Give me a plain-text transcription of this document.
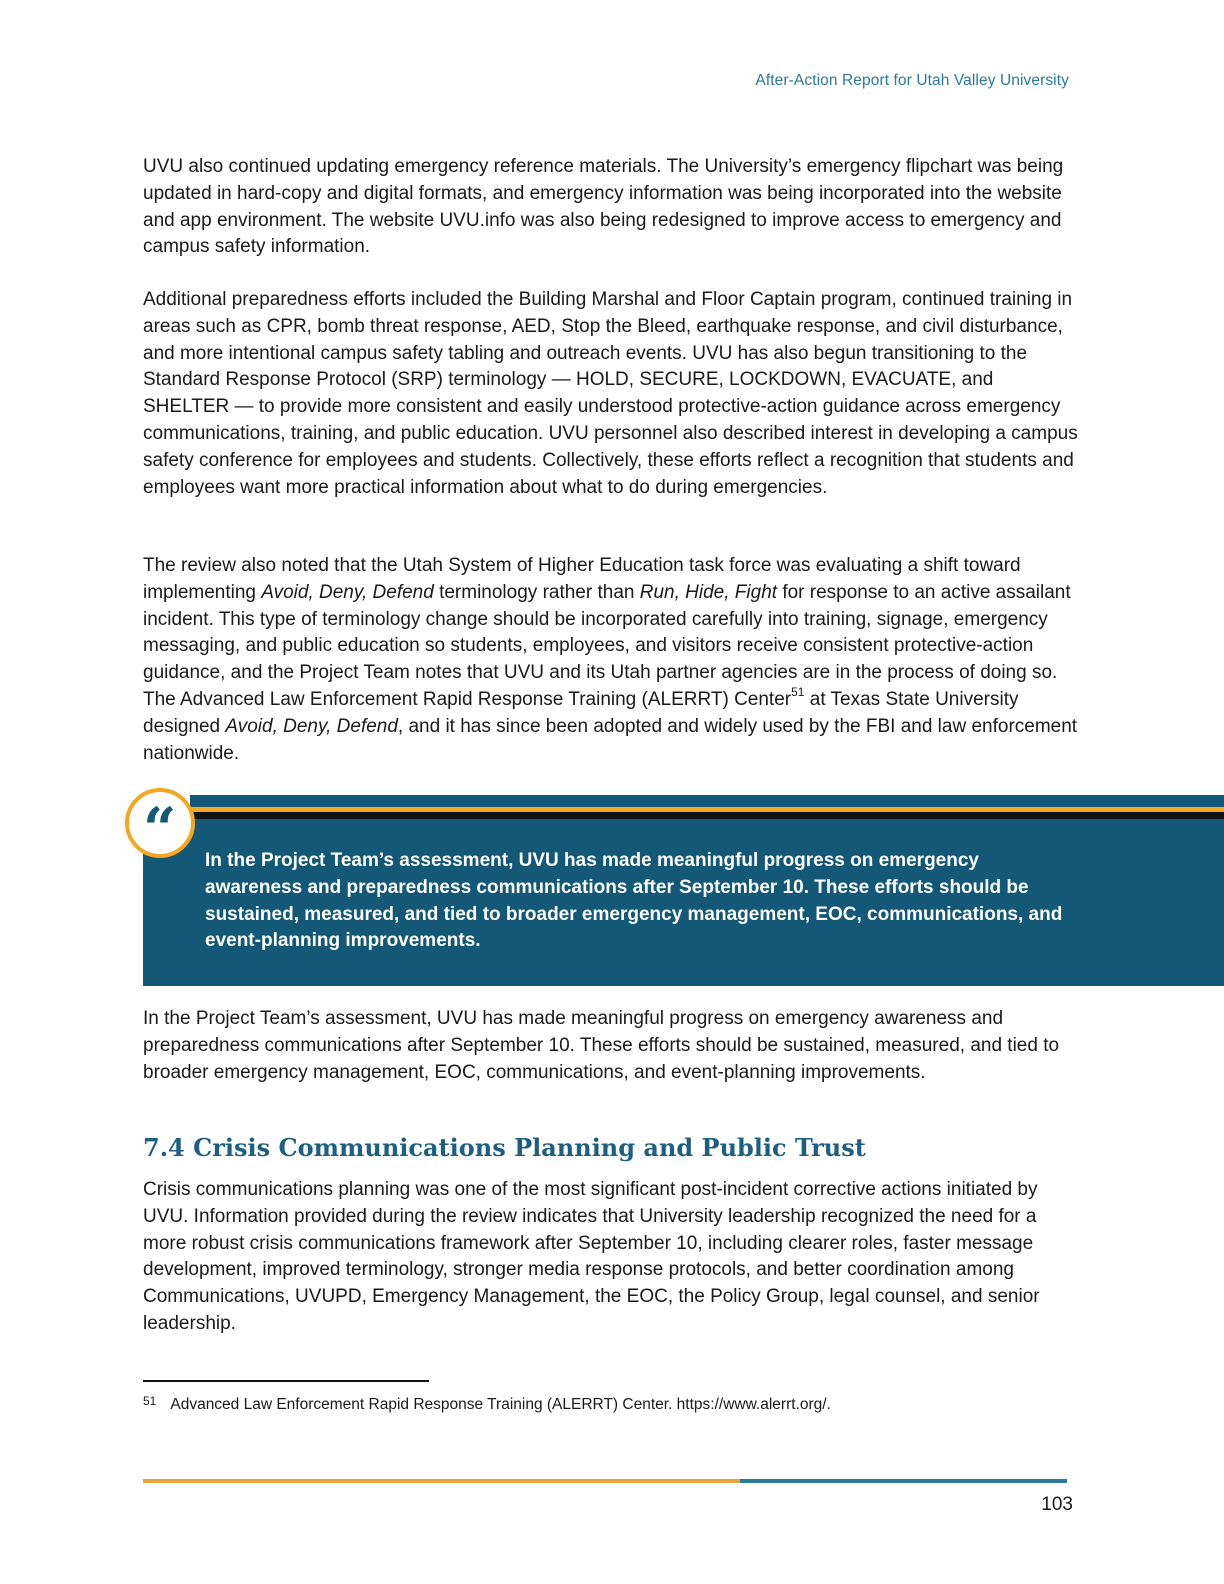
After-Action Report for Utah Valley University

UVU also continued updating emergency reference materials. The University’s emergency flipchart was being updated in hard-copy and digital formats, and emergency information was being incorporated into the website and app environment. The website UVU.info was also being redesigned to improve access to emergency and campus safety information.

Additional preparedness efforts included the Building Marshal and Floor Captain program, continued training in areas such as CPR, bomb threat response, AED, Stop the Bleed, earthquake response, and civil disturbance, and more intentional campus safety tabling and outreach events. UVU has also begun transitioning to the Standard Response Protocol (SRP) terminology — HOLD, SECURE, LOCKDOWN, EVACUATE, and SHELTER — to provide more consistent and easily understood protective-action guidance across emergency communications, training, and public education. UVU personnel also described interest in developing a campus safety conference for employees and students. Collectively, these efforts reflect a recognition that students and employees want more practical information about what to do during emergencies.

The review also noted that the Utah System of Higher Education task force was evaluating a shift toward implementing Avoid, Deny, Defend terminology rather than Run, Hide, Fight for response to an active assailant incident. This type of terminology change should be incorporated carefully into training, signage, emergency messaging, and public education so students, employees, and visitors receive consistent protective-action guidance, and the Project Team notes that UVU and its Utah partner agencies are in the process of doing so. The Advanced Law Enforcement Rapid Response Training (ALERRT) Center$^{51}$ at Texas State University designed Avoid, Deny, Defend, and it has since been adopted and widely used by the FBI and law enforcement nationwide.

In the Project Team’s assessment, UVU has made meaningful progress on emergency awareness and preparedness communications after September 10. These efforts should be sustained, measured, and tied to broader emergency management, EOC, communications, and event-planning improvements.

“

In the Project Team’s assessment, UVU has made meaningful progress on emergency awareness and preparedness communications after September 10. These efforts should be sustained, measured, and tied to broader emergency management, EOC, communications, and event-planning improvements.

7.4 Crisis Communications Planning and Public Trust

Crisis communications planning was one of the most significant post-incident corrective actions initiated by UVU. Information provided during the review indicates that University leadership recognized the need for a more robust crisis communications framework after September 10, including clearer roles, faster message development, improved terminology, stronger media response protocols, and better coordination among Communications, UVUPD, Emergency Management, the EOC, the Policy Group, legal counsel, and senior leadership.

$^{51}$ Advanced Law Enforcement Rapid Response Training (ALERRT) Center. https://www.alerrt.org/.
103
